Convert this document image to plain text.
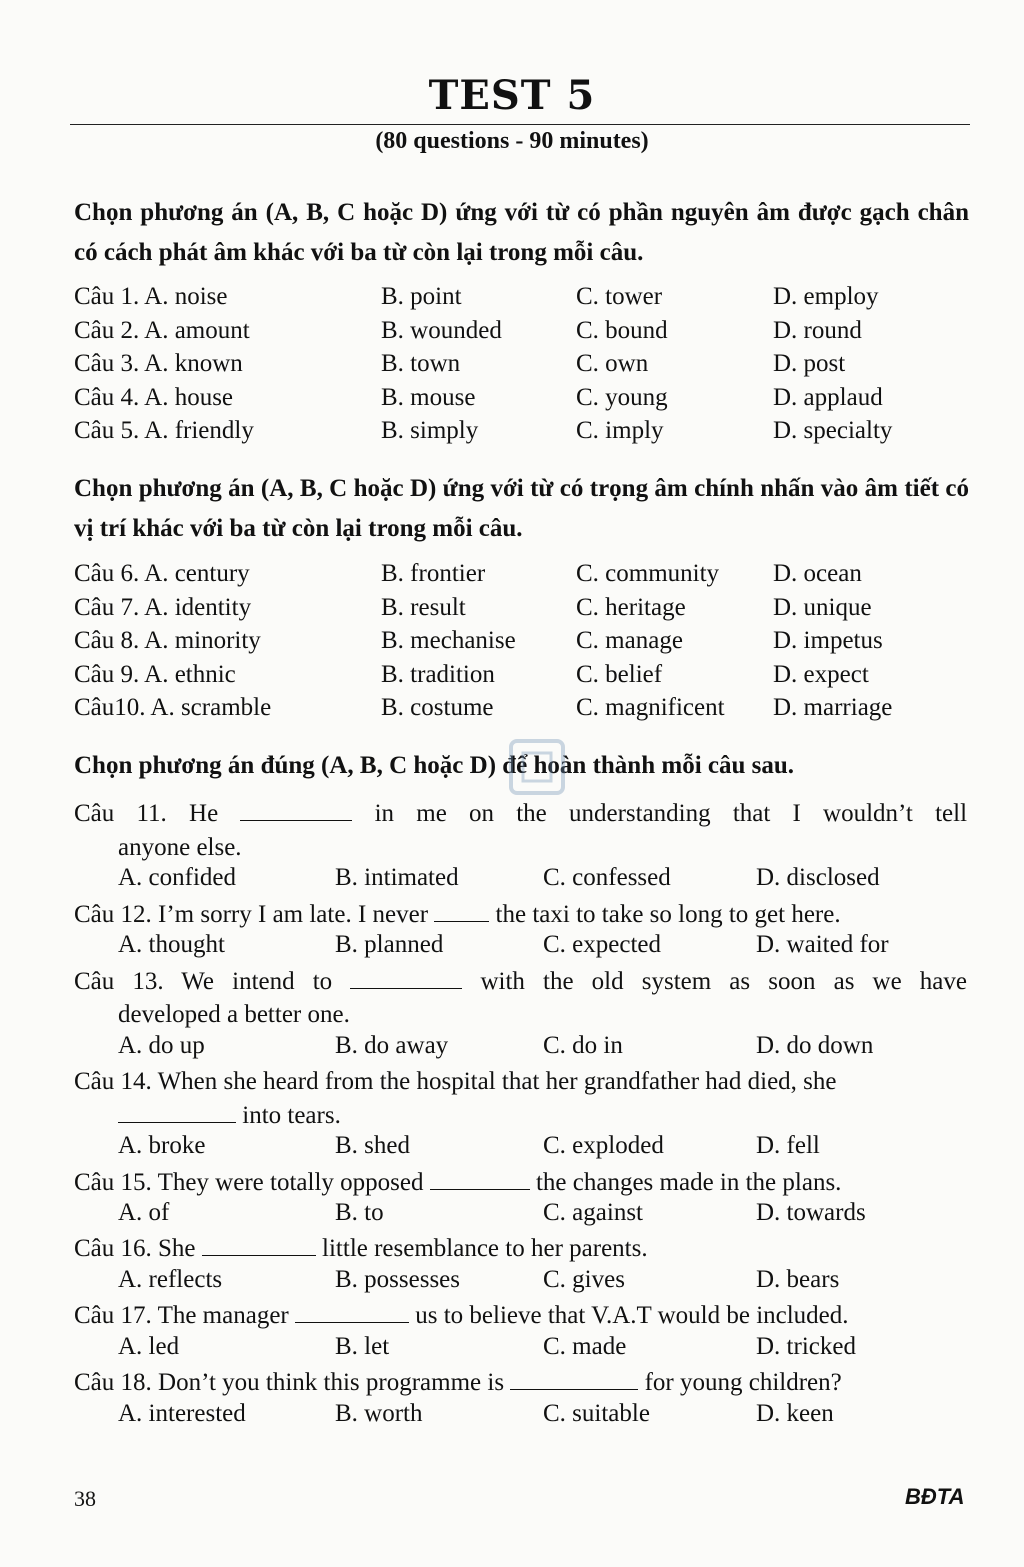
TEST 5
(80 questions - 90 minutes)
Chọn phương án (A, B, C hoặc D) ứng với từ có phần nguyên âm được gạch chân có cách phát âm khác với ba từ còn lại trong mỗi câu.
Câu 1. A. noise	B. point	C. tower	D. employ
Câu 2. A. amount	B. wounded	C. bound	D. round
Câu 3. A. known	B. town	C. own	D. post
Câu 4. A. house	B. mouse	C. young	D. applaud
Câu 5. A. friendly	B. simply	C. imply	D. specialty
Chọn phương án (A, B, C hoặc D) ứng với từ có trọng âm chính nhấn vào âm tiết có vị trí khác với ba từ còn lại trong mỗi câu.
Câu 6. A. century	B. frontier	C. community D. ocean
Câu 7. A. identity	B. result	C. heritage	D. unique
Câu 8. A. minority	B. mechanise C. manage	D. impetus
Câu 9. A. ethnic	B. tradition	C. belief	D. expect
Câu10. A. scramble	B. costume	C. magnificent D. marriage
Chọn phương án đúng (A, B, C hoặc D) để hoàn thành mỗi câu sau.
Câu 11. He	in me on the understanding that I wouldn’t tell
anyone else.
A. confided	B. intimated	C. confessed	D. disclosed
Câu 12. I’m sorry I am late. I never	the taxi to take so long to get here.
A. thought	B. planned	C. expected	D. waited for
Câu 13. We intend to	with the old system as soon as we have
developed a better one.
A. do up	B. do away	C. do in	D. do down
Câu 14. When she heard from the hospital that her grandfather had died, she
into tears.
A. broke	B. shed	C. exploded	D. fell
Câu 15. They were totally opposed	the changes made in the plans.
A. of	B. to	C. against	D. towards
Câu 16. She	little resemblance to her parents.
A. reflects	B. possesses	C. gives	D. bears
Câu 17. The manager	us to believe that V.A.T would be included.
A. led	B. let	C. made	D. tricked
Câu 18. Don’t you think this programme is	for young children?
A. interested	B. worth	C. suitable	D. keen
38	BĐTA
